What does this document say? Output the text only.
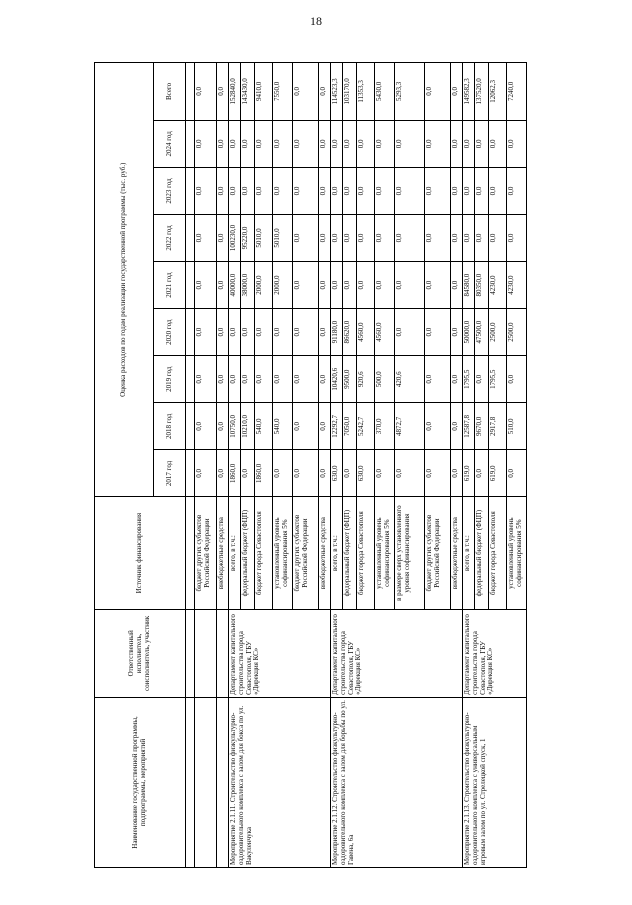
18
Наименование государственной программы, подпрограммы, мероприятий	Ответственный исполнитель, соисполнитель, участник	Источник финансирования	Оценка расходов по годам реализации государственной программы (тыс. руб.)								
			2017 год	2018 год	2019 год	2020 год	2021 год	2022 год	2023 год	2024 год	Всего

		бюджет других субъектов Российской Федерации	0,0	0,0	0,0	0,0	0,0	0,0	0,0	0,0	0,0
		внебюджетные средства	0,0	0,0	0,0	0,0	0,0	0,0	0,0	0,0	0,0
Мероприятие 2.1.11. Строительство физкультурно-оздоровительного комплекса с залом для бокса по ул. Вакуленчука	Департамент капитального строительства города Севастополя, ГБУ «Дирекция КС»	всего, в т.ч.:	1860,0	10750,0	0,0	0,0	40000,0	100230,0	0,0	0,0	152840,0
		федеральный бюджет (ФЦП)	0,0	10210,0	0,0	0,0	38000,0	95220,0	0,0	0,0	143430,0
		бюджет города Севастополя	1860,0	540,0	0,0	0,0	2000,0	5010,0	0,0	0,0	9410,0
		установленный уровень софинансирования 5%	0,0	540,0	0,0	0,0	2000,0	5010,0	0,0	0,0	7550,0
		бюджет других субъектов Российской Федерации	0,0	0,0	0,0	0,0	0,0	0,0	0,0	0,0	0,0
		внебюджетные средства	0,0	0,0	0,0	0,0	0,0	0,0	0,0	0,0	0,0
Мероприятие 2.1.12. Строительство физкультурно-оздоровительного комплекса с залом для борьбы по ул. Гавена, 6а	Департамент капитального строительства города Севастополя, ГБУ «Дирекция КС»	всего, в т.ч.:	630,0	12292,7	10420,6	91180,0	0,0	0,0	0,0	0,0	114523,3
		федеральный бюджет (ФЦП)	0,0	7050,0	9500,0	86620,0	0,0	0,0	0,0	0,0	103170,0
		бюджет города Севастополя	630,0	5242,7	920,6	4560,0	0,0	0,0	0,0	0,0	11353,3
		установленный уровень софинансирования 5%	0,0	370,0	500,0	4560,0	0,0	0,0	0,0	0,0	5430,0
		в размере сверх установленного уровня софинансирования	0,0	4872,7	420,6	0,0	0,0	0,0	0,0	0,0	5293,3
		бюджет других субъектов Российской Федерации	0,0	0,0	0,0	0,0	0,0	0,0	0,0	0,0	0,0
		внебюджетные средства	0,0	0,0	0,0	0,0	0,0	0,0	0,0	0,0	0,0
Мероприятие 2.1.13. Строительство физкультурно-оздоровительного комплекса с универсальным игровым залом по ул. Стрелецкой спуск, 1	Департамент капитального строительства города Севастополя, ГБУ «Дирекция КС»	всего, в т.ч.:	619,0	12587,8	1795,5	50000,0	84580,0	0,0	0,0	0,0	149582,3
		федеральный бюджет (ФЦП)	0,0	9670,0	0,0	47500,0	80350,0	0,0	0,0	0,0	137520,0
		бюджет города Севастополя	619,0	2917,8	1795,5	2500,0	4230,0	0,0	0,0	0,0	12062,3
		установленный уровень софинансирования 5%	0,0	510,0	0,0	2500,0	4230,0	0,0	0,0	0,0	7240,0
